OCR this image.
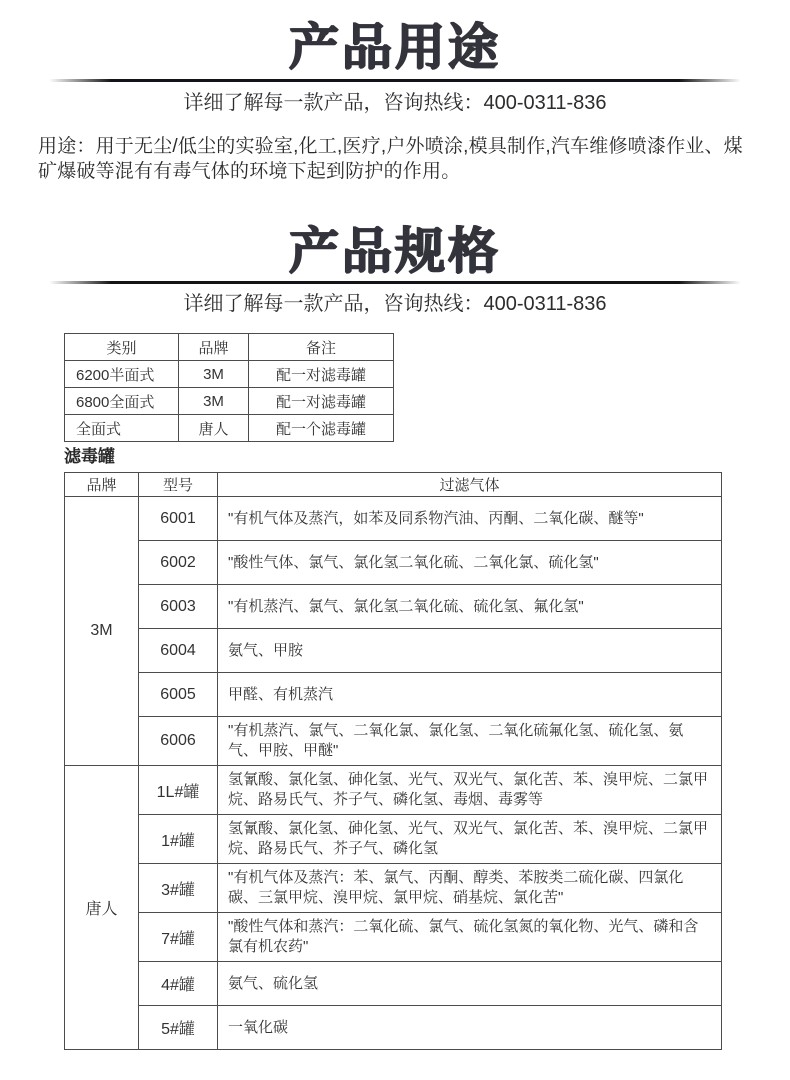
产品用途

详细了解每一款产品，咨询热线：400-0311-836

用途：用于无尘/低尘的实验室,化工,医疗,户外喷涂,模具制作,汽车维修喷漆作业、煤矿爆破等混有有毒气体的环境下起到防护的作用。

产品规格

详细了解每一款产品，咨询热线：400-0311-836

类别	品牌	备注
6200半面式	3M	配一对滤毒罐
6800全面式	3M	配一对滤毒罐
全面式	唐人	配一个滤毒罐
滤毒罐
品牌	型号	过滤气体
3M	6001	"有机气体及蒸汽，如苯及同系物汽油、丙酮、二氧化碳、醚等"
	6002	"酸性气体、氯气、氯化氢二氧化硫、二氧化氯、硫化氢"
	6003	"有机蒸汽、氯气、氯化氢二氧化硫、硫化氢、氟化氢"
	6004	氨气、甲胺
	6005	甲醛、有机蒸汽
	6006	"有机蒸汽、氯气、二氧化氯、氯化氢、二氧化硫氟化氢、硫化氢、氨气、甲胺、甲醚"
唐人	1L#罐	氢氰酸、氯化氢、砷化氢、光气、双光气、氯化苦、苯、溴甲烷、二氯甲烷、路易氏气、芥子气、磷化氢、毒烟、毒雾等
	1#罐	氢氰酸、氯化氢、砷化氢、光气、双光气、氯化苦、苯、溴甲烷、二氯甲烷、路易氏气、芥子气、磷化氢
	3#罐	"有机气体及蒸汽：苯、氯气、丙酮、醇类、苯胺类二硫化碳、四氯化碳、三氯甲烷、溴甲烷、氯甲烷、硝基烷、氯化苦"
	7#罐	"酸性气体和蒸汽：二氧化硫、氯气、硫化氢氮的氧化物、光气、磷和含氯有机农药"
	4#罐	氨气、硫化氢
	5#罐	一氧化碳
